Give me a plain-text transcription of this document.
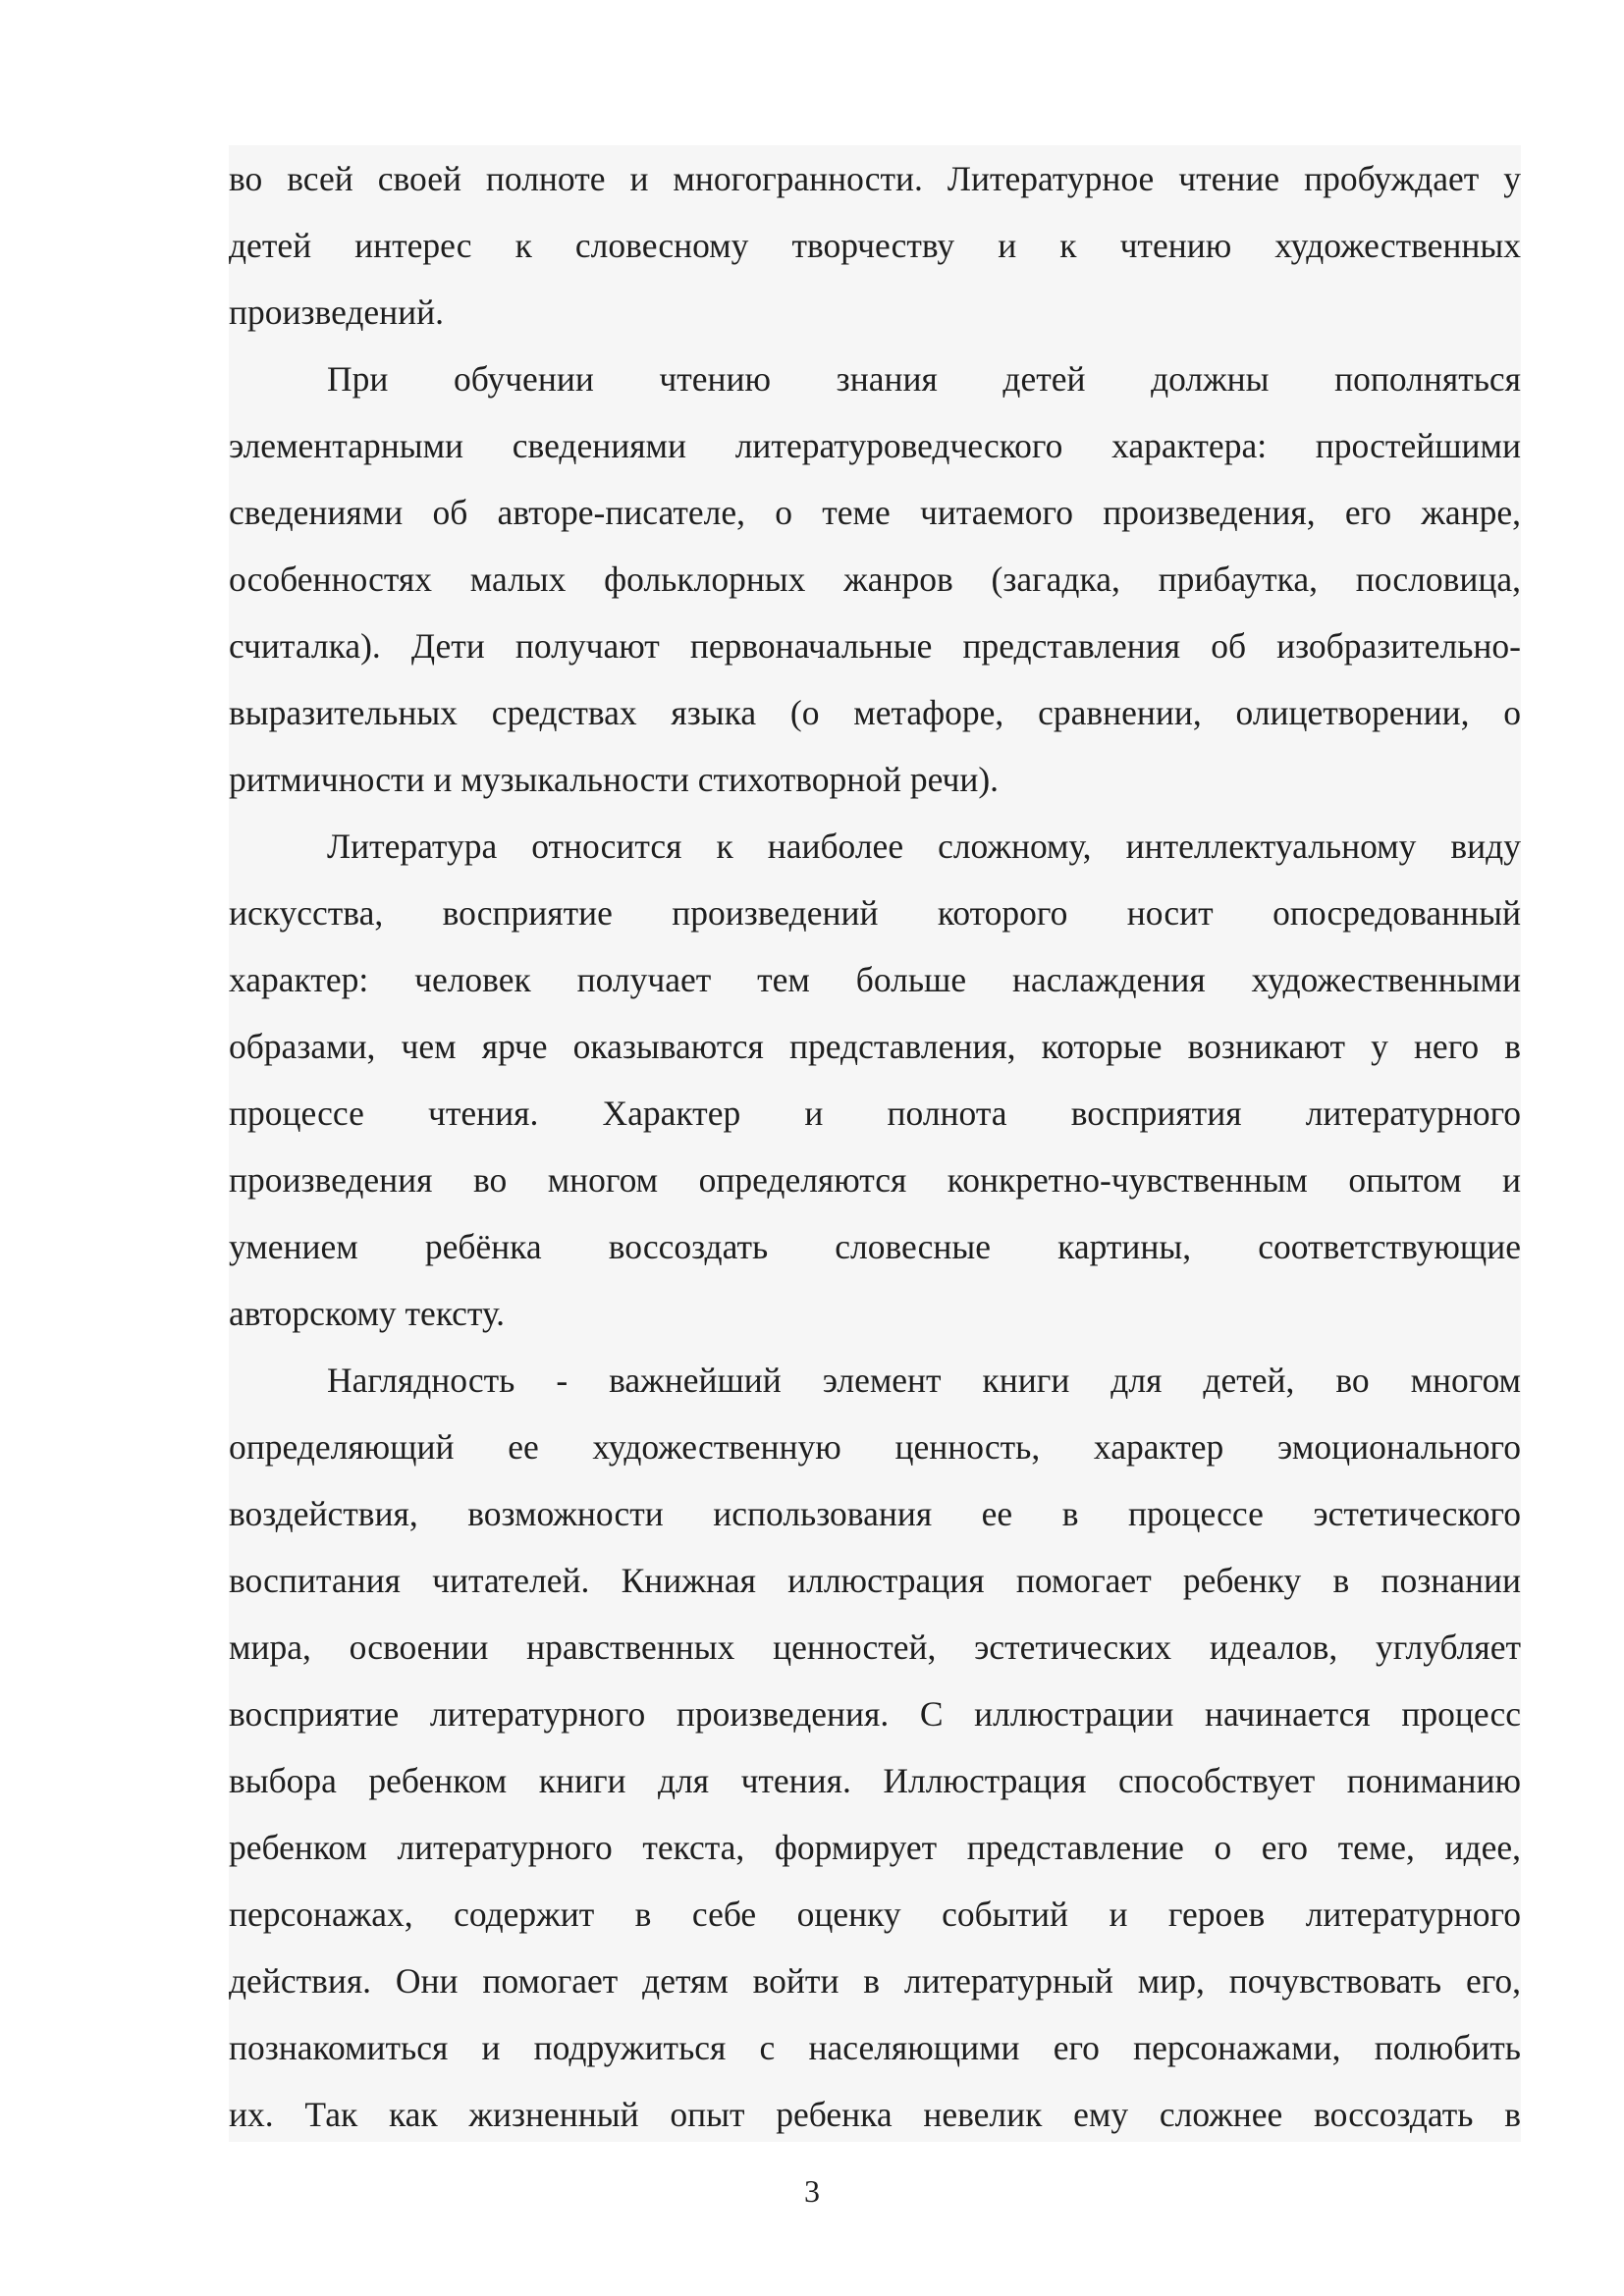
во всей своей полноте и многогранности. Литературное чтение пробуждает у
детей интерес к словесному творчеству и к чтению художественных
произведений.
При обучении чтению знания детей должны пополняться
элементарными сведениями литературоведческого характера: простейшими
сведениями об авторе-писателе, о теме читаемого произведения, его жанре,
особенностях малых фольклорных жанров (загадка, прибаутка, пословица,
считалка). Дети получают первоначальные представления об изобразительно-
выразительных средствах языка (о метафоре, сравнении, олицетворении, о
ритмичности и музыкальности стихотворной речи).
Литература относится к наиболее сложному, интеллектуальному виду
искусства, восприятие произведений которого носит опосредованный
характер: человек получает тем больше наслаждения художественными
образами, чем ярче оказываются представления, которые возникают у него в
процессе чтения. Характер и полнота восприятия литературного
произведения во многом определяются конкретно-чувственным опытом и
умением ребёнка воссоздать словесные картины, соответствующие
авторскому тексту.
Наглядность - важнейший элемент книги для детей, во многом
определяющий ее художественную ценность, характер эмоционального
воздействия, возможности использования ее в процессе эстетического
воспитания читателей. Книжная иллюстрация помогает ребенку в познании
мира, освоении нравственных ценностей, эстетических идеалов, углубляет
восприятие литературного произведения. С иллюстрации начинается процесс
выбора ребенком книги для чтения. Иллюстрация способствует пониманию
ребенком литературного текста, формирует представление о его теме, идее,
персонажах, содержит в себе оценку событий и героев литературного
действия. Они помогает детям войти в литературный мир, почувствовать его,
познакомиться и подружиться с населяющими его персонажами, полюбить
их. Так как жизненный опыт ребенка невелик ему сложнее воссоздать в
3
